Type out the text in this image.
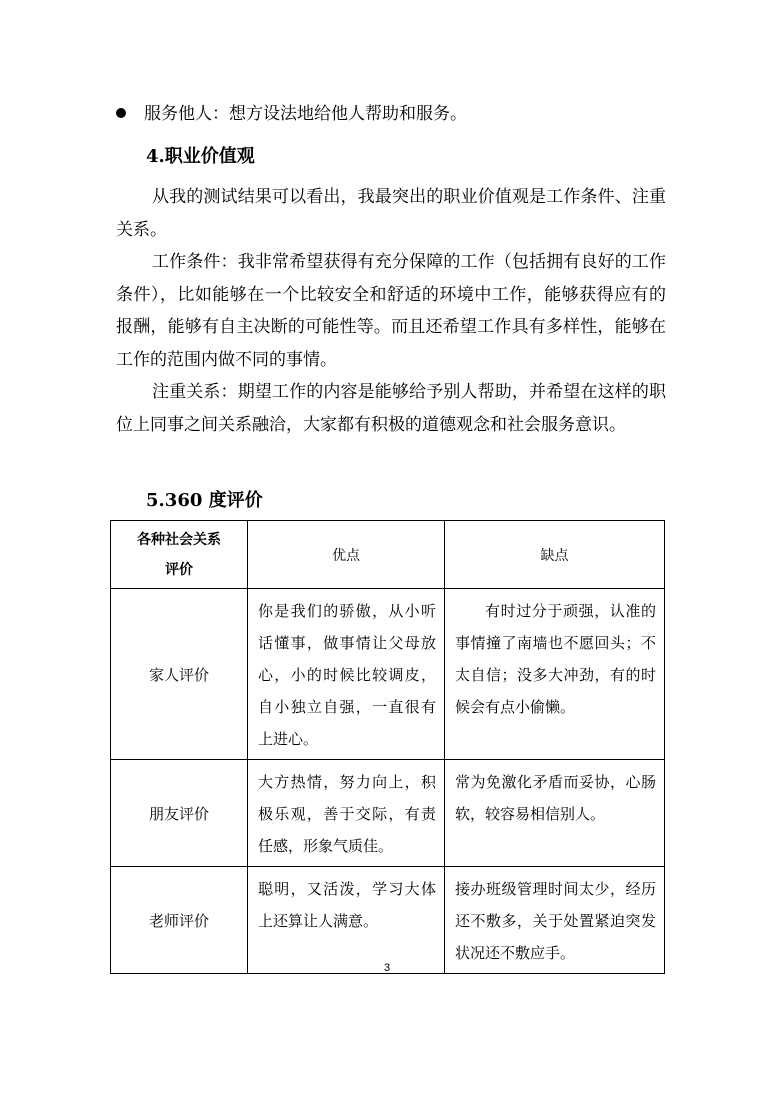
服务他人：想方设法地给他人帮助和服务。
4.职业价值观
从我的测试结果可以看出，我最突出的职业价值观是工作条件、注重关系。
工作条件：我非常希望获得有充分保障的工作（包括拥有良好的工作条件），比如能够在一个比较安全和舒适的环境中工作，能够获得应有的报酬，能够有自主决断的可能性等。而且还希望工作具有多样性，能够在工作的范围内做不同的事情。
注重关系：期望工作的内容是能够给予别人帮助，并希望在这样的职位上同事之间关系融洽，大家都有积极的道德观念和社会服务意识。
5.360 度评价
各种社会关系
评价	优点	缺点
家人评价	你是我们的骄傲，从小听话懂事，做事情让父母放心，小的时候比较调皮，自小独立自强，一直很有上进心。	有时过分于顽强，认准的事情撞了南墙也不愿回头；不太自信；没多大冲劲，有的时候会有点小偷懒。

朋友评价	大方热情，努力向上，积极乐观，善于交际，有责任感，形象气质佳。	常为免激化矛盾而妥协，心肠软，较容易相信别人。

老师评价	聪明，又活泼，学习大体上还算让人满意。	接办班级管理时间太少，经历还不敷多，关于处置紧迫突发状况还不敷应手。
3
